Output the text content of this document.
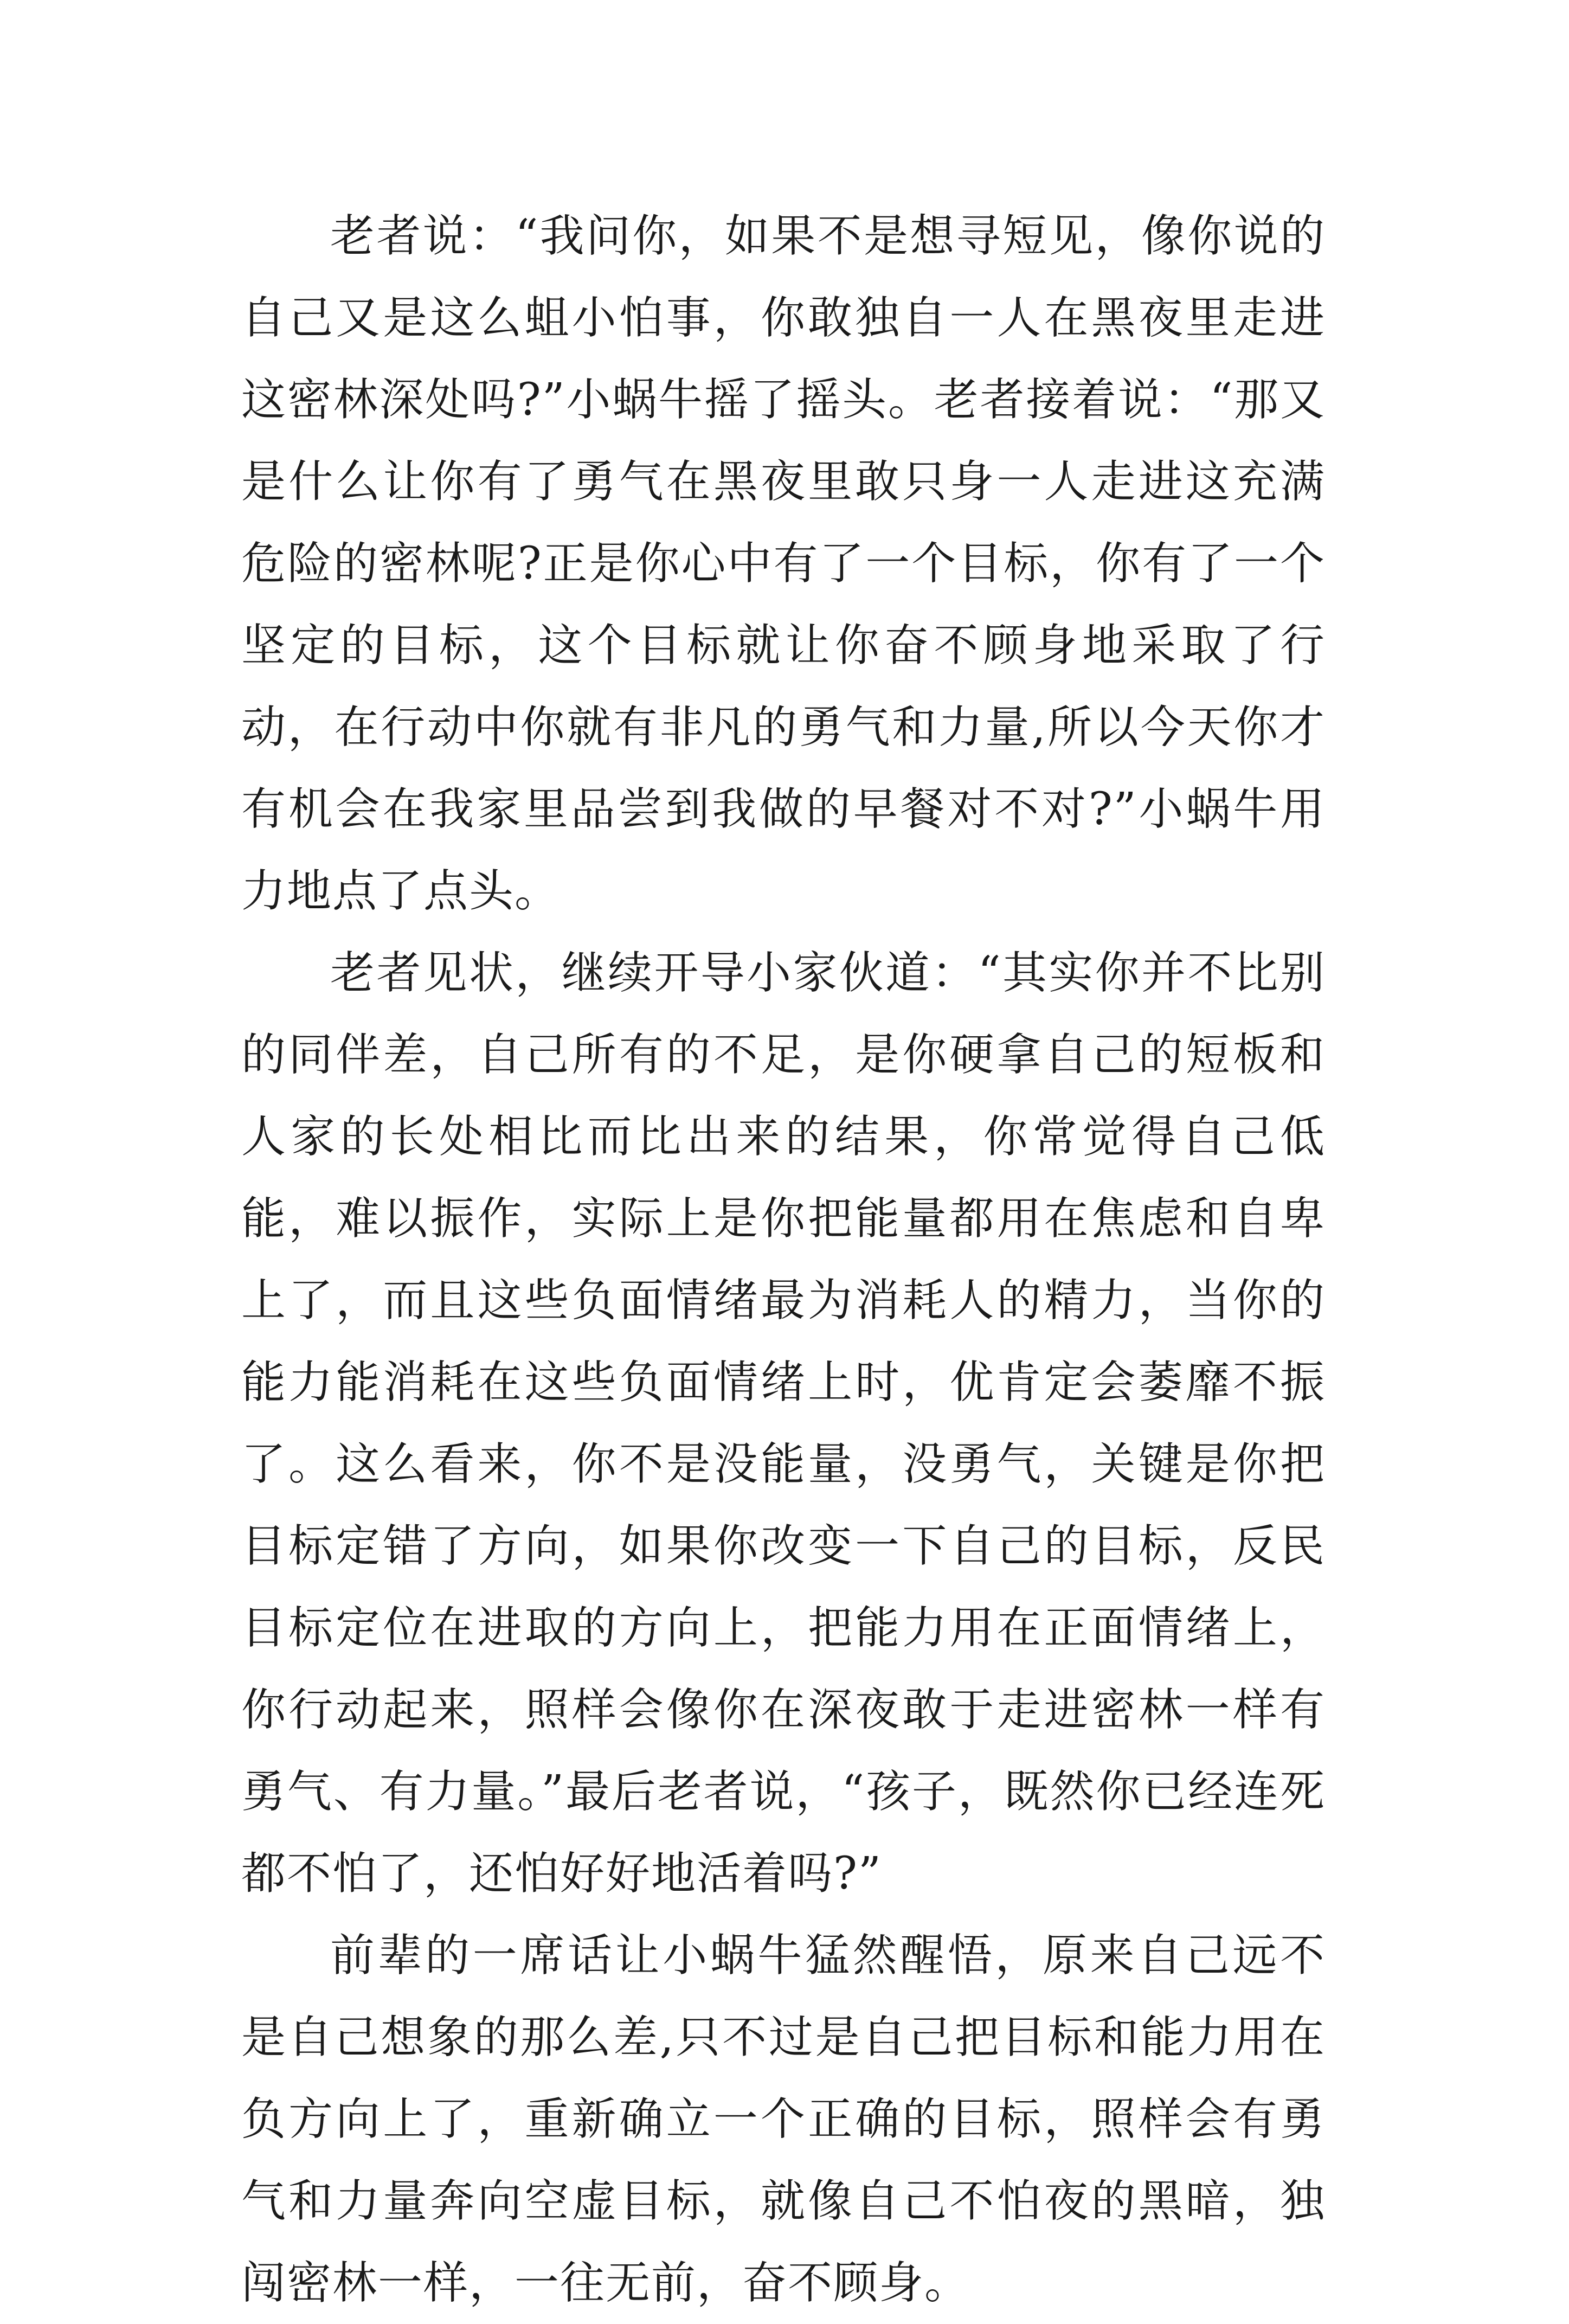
老者说：“我问你，如果不是想寻短见，像你说的自己又是这么蛆小怕事，你敢独自一人在黑夜里走进这密林深处吗?”小蜗牛摇了摇头。老者接着说：“那又是什么让你有了勇气在黑夜里敢只身一人走进这充满危险的密林呢?正是你心中有了一个目标，你有了一个坚定的目标，这个目标就让你奋不顾身地采取了行动，在行动中你就有非凡的勇气和力量,所以今天你才有机会在我家里品尝到我做的早餐对不对?”小蜗牛用力地点了点头。

老者见状，继续开导小家伙道：“其实你并不比别的同伴差，自己所有的不足，是你硬拿自己的短板和人家的长处相比而比出来的结果，你常觉得自己低能，难以振作，实际上是你把能量都用在焦虑和自卑上了，而且这些负面情绪最为消耗人的精力，当你的能力能消耗在这些负面情绪上时，优肯定会萎靡不振了。这么看来，你不是没能量，没勇气，关键是你把目标定错了方向，如果你改变一下自己的目标，反民目标定位在进取的方向上，把能力用在正面情绪上，你行动起来，照样会像你在深夜敢于走进密林一样有勇气、有力量。”最后老者说，“孩子，既然你已经连死都不怕了，还怕好好地活着吗?”

前辈的一席话让小蜗牛猛然醒悟，原来自己远不是自己想象的那么差,只不过是自己把目标和能力用在负方向上了，重新确立一个正确的目标，照样会有勇气和力量奔向空虚目标，就像自己不怕夜的黑暗，独闯密林一样，一往无前，奋不顾身。
